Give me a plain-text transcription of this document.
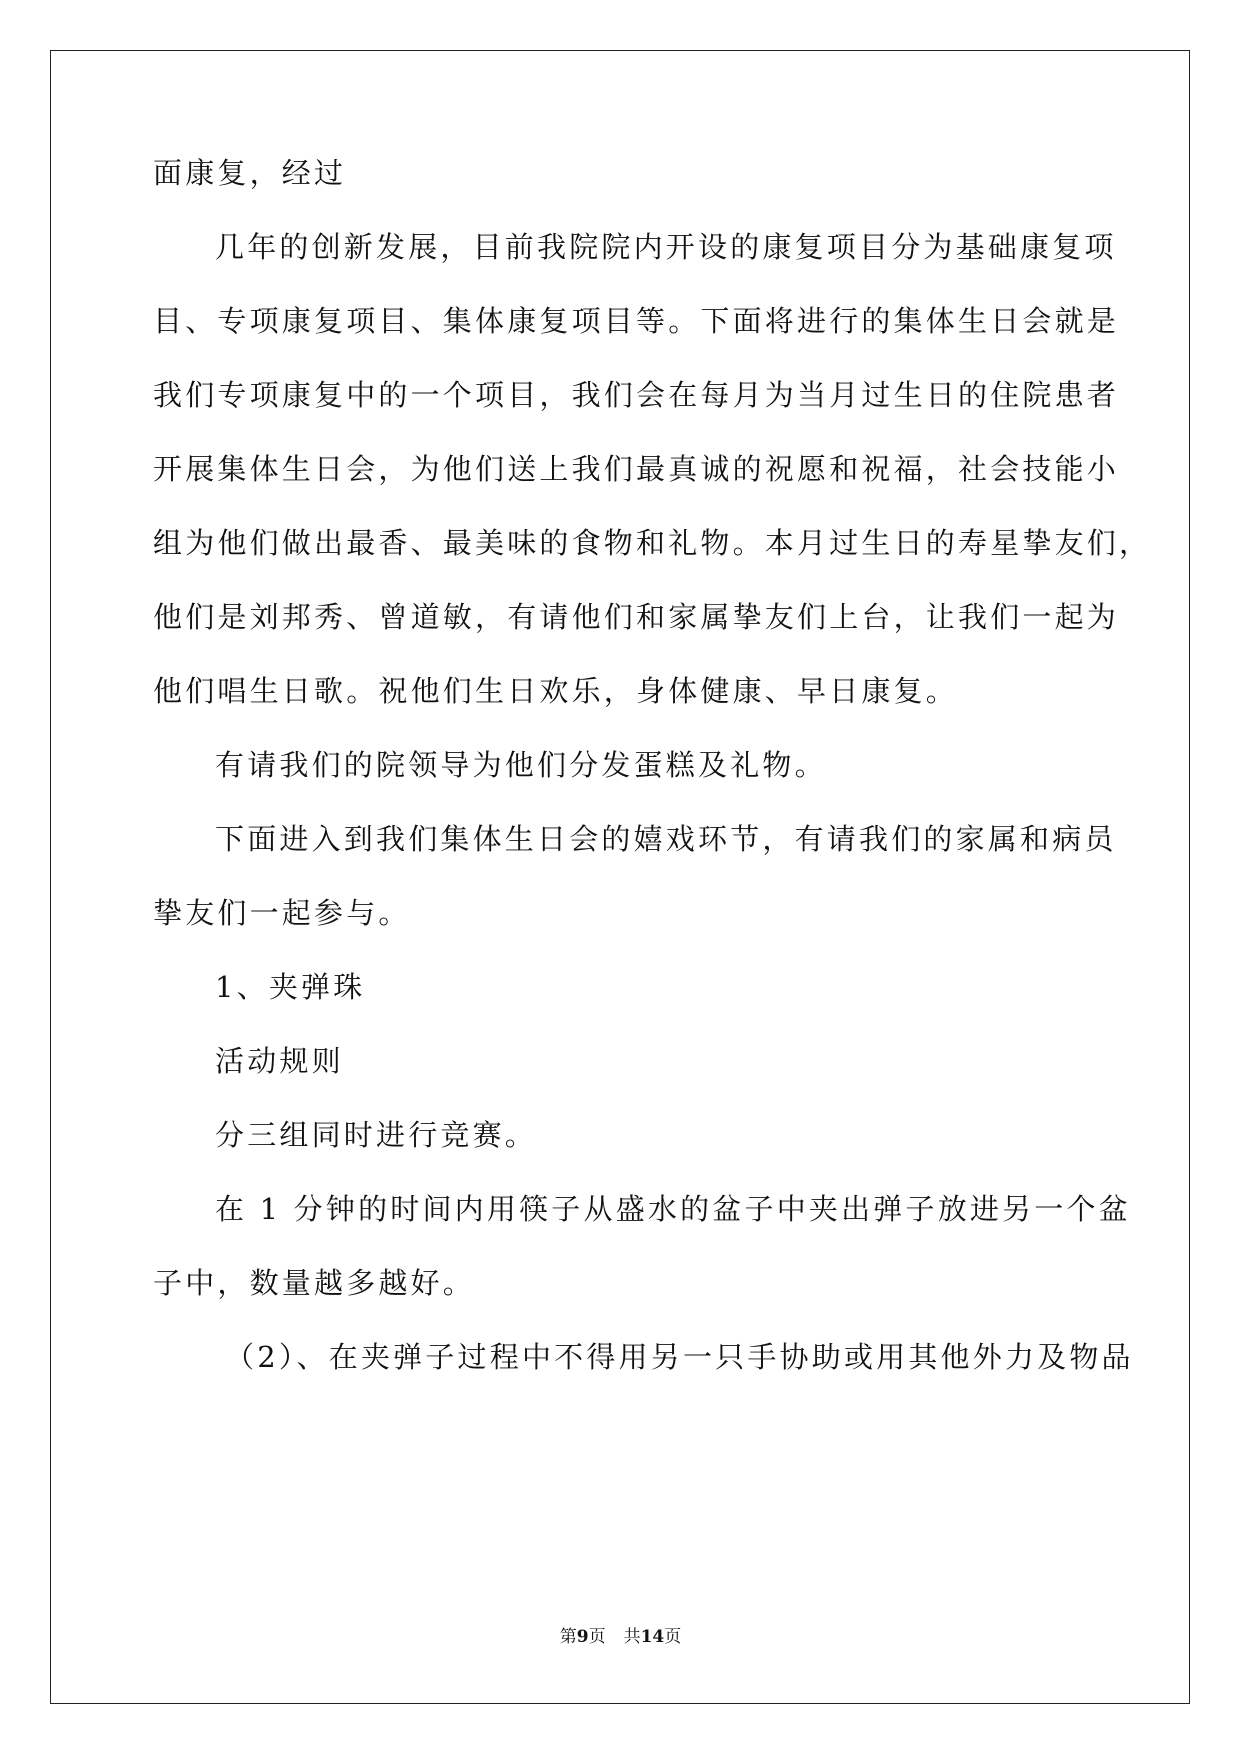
面康复，经过
几年的创新发展，目前我院院内开设的康复项目分为基础康复项
目、专项康复项目、集体康复项目等。下面将进行的集体生日会就是
我们专项康复中的一个项目，我们会在每月为当月过生日的住院患者
开展集体生日会，为他们送上我们最真诚的祝愿和祝福，社会技能小
组为他们做出最香、最美味的食物和礼物。本月过生日的寿星挚友们，
他们是刘邦秀、曾道敏，有请他们和家属挚友们上台，让我们一起为
他们唱生日歌。祝他们生日欢乐，身体健康、早日康复。
有请我们的院领导为他们分发蛋糕及礼物。
下面进入到我们集体生日会的嬉戏环节，有请我们的家属和病员
挚友们一起参与。
1、夹弹珠
活动规则
分三组同时进行竞赛。
在 1 分钟的时间内用筷子从盛水的盆子中夹出弹子放进另一个盆
子中，数量越多越好。
（2）、在夹弹子过程中不得用另一只手协助或用其他外力及物品
第9页 共14页
